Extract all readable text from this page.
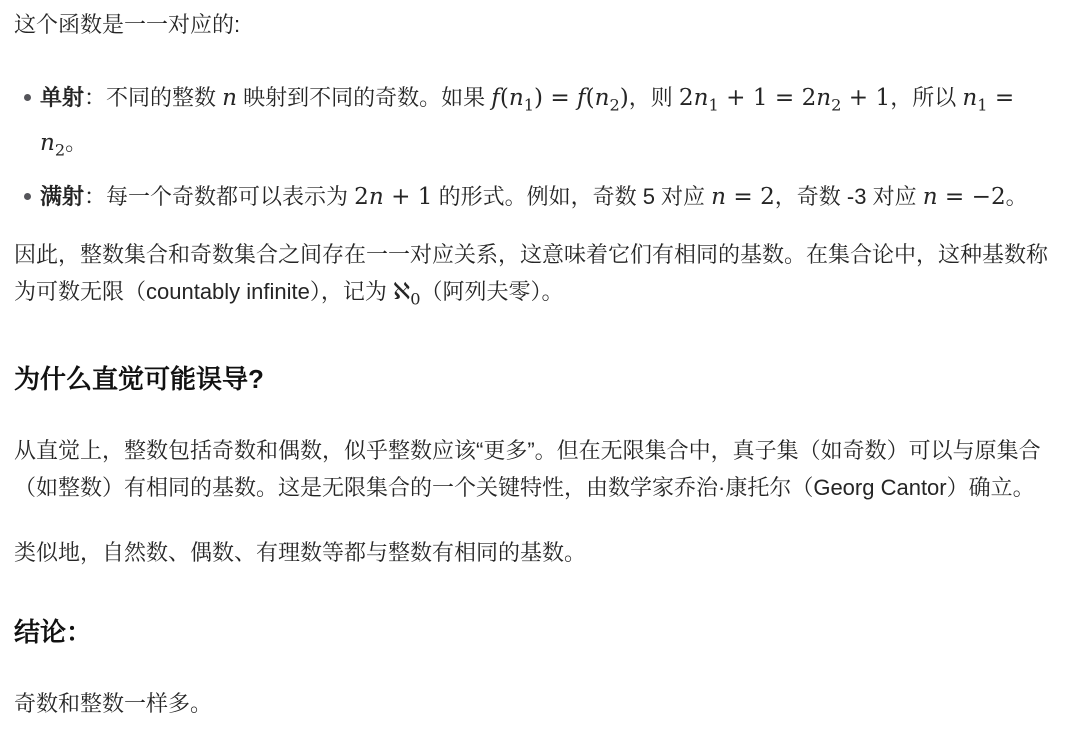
这个函数是一一对应的:

单射：不同的整数 n 映射到不同的奇数。如果 $f(n_1) = f(n_2)$，则 $2n_1 + 1 = 2n_2 + 1$，所以 $n_1 = n_2$。
满射：每一个奇数都可以表示为 2n + 1 的形式。例如，奇数 5 对应 n = 2，奇数 -3 对应 n = −2。

因此，整数集合和奇数集合之间存在一一对应关系，这意味着它们有相同的基数。在集合论中，这种基数称为可数无限（countably infinite），记为 ℵ$_0$（阿列夫零）。

为什么直觉可能误导?

从直觉上，整数包括奇数和偶数，似乎整数应该“更多”。但在无限集合中，真子集（如奇数）可以与原集合（如整数）有相同的基数。这是无限集合的一个关键特性，由数学家乔治·康托尔（Georg Cantor）确立。

类似地，自然数、偶数、有理数等都与整数有相同的基数。

结论：

奇数和整数一样多。
